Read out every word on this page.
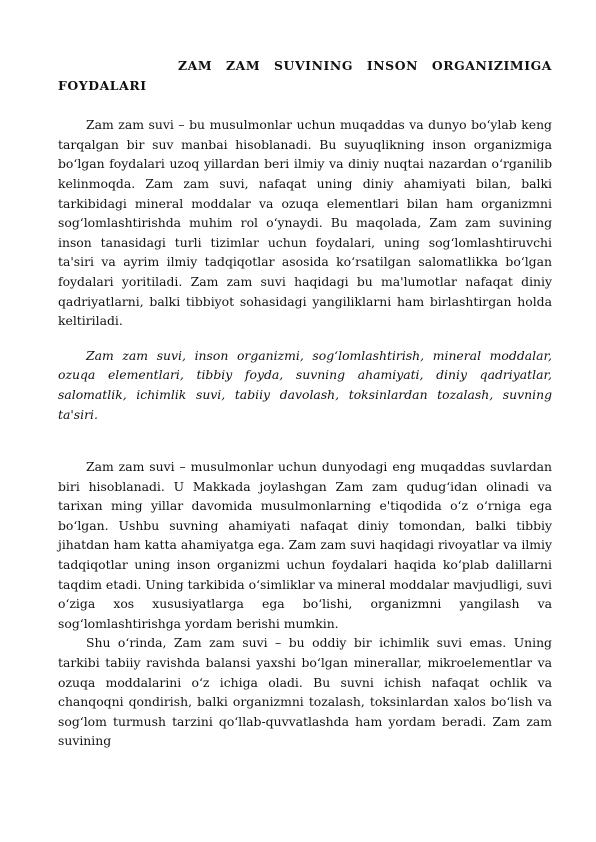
ZAM ZAM SUVINING INSON ORGANIZIMIGA FOYDALARI

Zam zam suvi – bu musulmonlar uchun muqaddas va dunyo bo‘ylab keng tarqalgan bir suv manbai hisoblanadi. Bu suyuqlikning inson organizmiga bo‘lgan foydalari uzoq yillardan beri ilmiy va diniy nuqtai nazardan o‘rganilib kelinmoqda. Zam zam suvi, nafaqat uning diniy ahamiyati bilan, balki tarkibidagi mineral moddalar va ozuqa elementlari bilan ham organizmni sog‘lomlashtirishda muhim rol o‘ynaydi. Bu maqolada, Zam zam suvining inson tanasidagi turli tizimlar uchun foydalari, uning sog‘lomlashtiruvchi ta'siri va ayrim ilmiy tadqiqotlar asosida ko‘rsatilgan salomatlikka bo‘lgan foydalari yoritiladi. Zam zam suvi haqidagi bu ma'lumotlar nafaqat diniy qadriyatlarni, balki tibbiyot sohasidagi yangiliklarni ham birlashtirgan holda keltiriladi.

Zam zam suvi, inson organizmi, sog‘lomlashtirish, mineral moddalar, ozuqa elementlari, tibbiy foyda, suvning ahamiyati, diniy qadriyatlar, salomatlik, ichimlik suvi, tabiiy davolash, toksinlardan tozalash, suvning ta'siri.

Zam zam suvi – musulmonlar uchun dunyodagi eng muqaddas suvlardan biri hisoblanadi. U Makkada joylashgan Zam zam qudug‘idan olinadi va tarixan ming yillar davomida musulmonlarning e'tiqodida o‘z o‘rniga ega bo‘lgan. Ushbu suvning ahamiyati nafaqat diniy tomondan, balki tibbiy jihatdan ham katta ahamiyatga ega. Zam zam suvi haqidagi rivoyatlar va ilmiy tadqiqotlar uning inson organizmi uchun foydalari haqida ko‘plab dalillarni taqdim etadi. Uning tarkibida o‘simliklar va mineral moddalar mavjudligi, suvi o‘ziga xos xususiyatlarga ega bo‘lishi, organizmni yangilash va sog‘lomlashtirishga yordam berishi mumkin.

Shu o‘rinda, Zam zam suvi – bu oddiy bir ichimlik suvi emas. Uning tarkibi tabiiy ravishda balansi yaxshi bo‘lgan minerallar, mikroelementlar va ozuqa moddalarini o‘z ichiga oladi. Bu suvni ichish nafaqat ochlik va chanqoqni qondirish, balki organizmni tozalash, toksinlardan xalos bo‘lish va sog‘lom turmush tarzini qo‘llab-quvvatlashda ham yordam beradi. Zam zam suvining
